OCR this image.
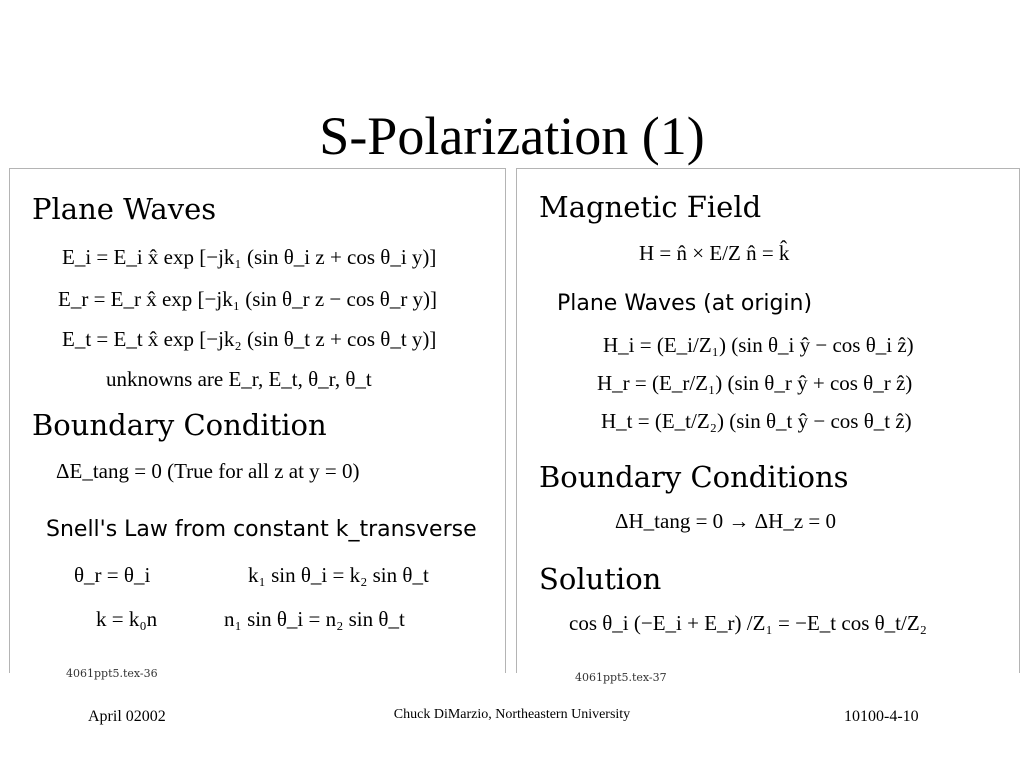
S-Polarization (1)
Plane Waves
E_i = E_i x̂ exp [−jk₁ (sin θ_i z + cos θ_i y)]
E_r = E_r x̂ exp [−jk₁ (sin θ_r z − cos θ_r y)]
E_t = E_t x̂ exp [−jk₂ (sin θ_t z + cos θ_t y)]
unknowns are E_r, E_t, θ_r, θ_t
Boundary Condition
ΔE_tang = 0 (True for all z at y = 0)
Snell's Law from constant k_transverse
θ_r = θ_i	k₁ sin θ_i = k₂ sin θ_t
k = k₀n	n₁ sin θ_i = n₂ sin θ_t
4061ppt5.tex-36
Magnetic Field
H = n̂ × E/Z n̂ = k̂
Plane Waves (at origin)
H_i = (E_i/Z₁) (sin θ_i ŷ − cos θ_i ẑ)
H_r = (E_r/Z₁) (sin θ_r ŷ + cos θ_r ẑ)
H_t = (E_t/Z₂) (sin θ_t ŷ − cos θ_t ẑ)
Boundary Conditions
ΔH_tang = 0 → ΔH_z = 0
Solution
cos θ_i (−E_i + E_r) /Z₁ = −E_t cos θ_t/Z₂
4061ppt5.tex-37
April 02002	Chuck DiMarzio, Northeastern University	10100-4-10
